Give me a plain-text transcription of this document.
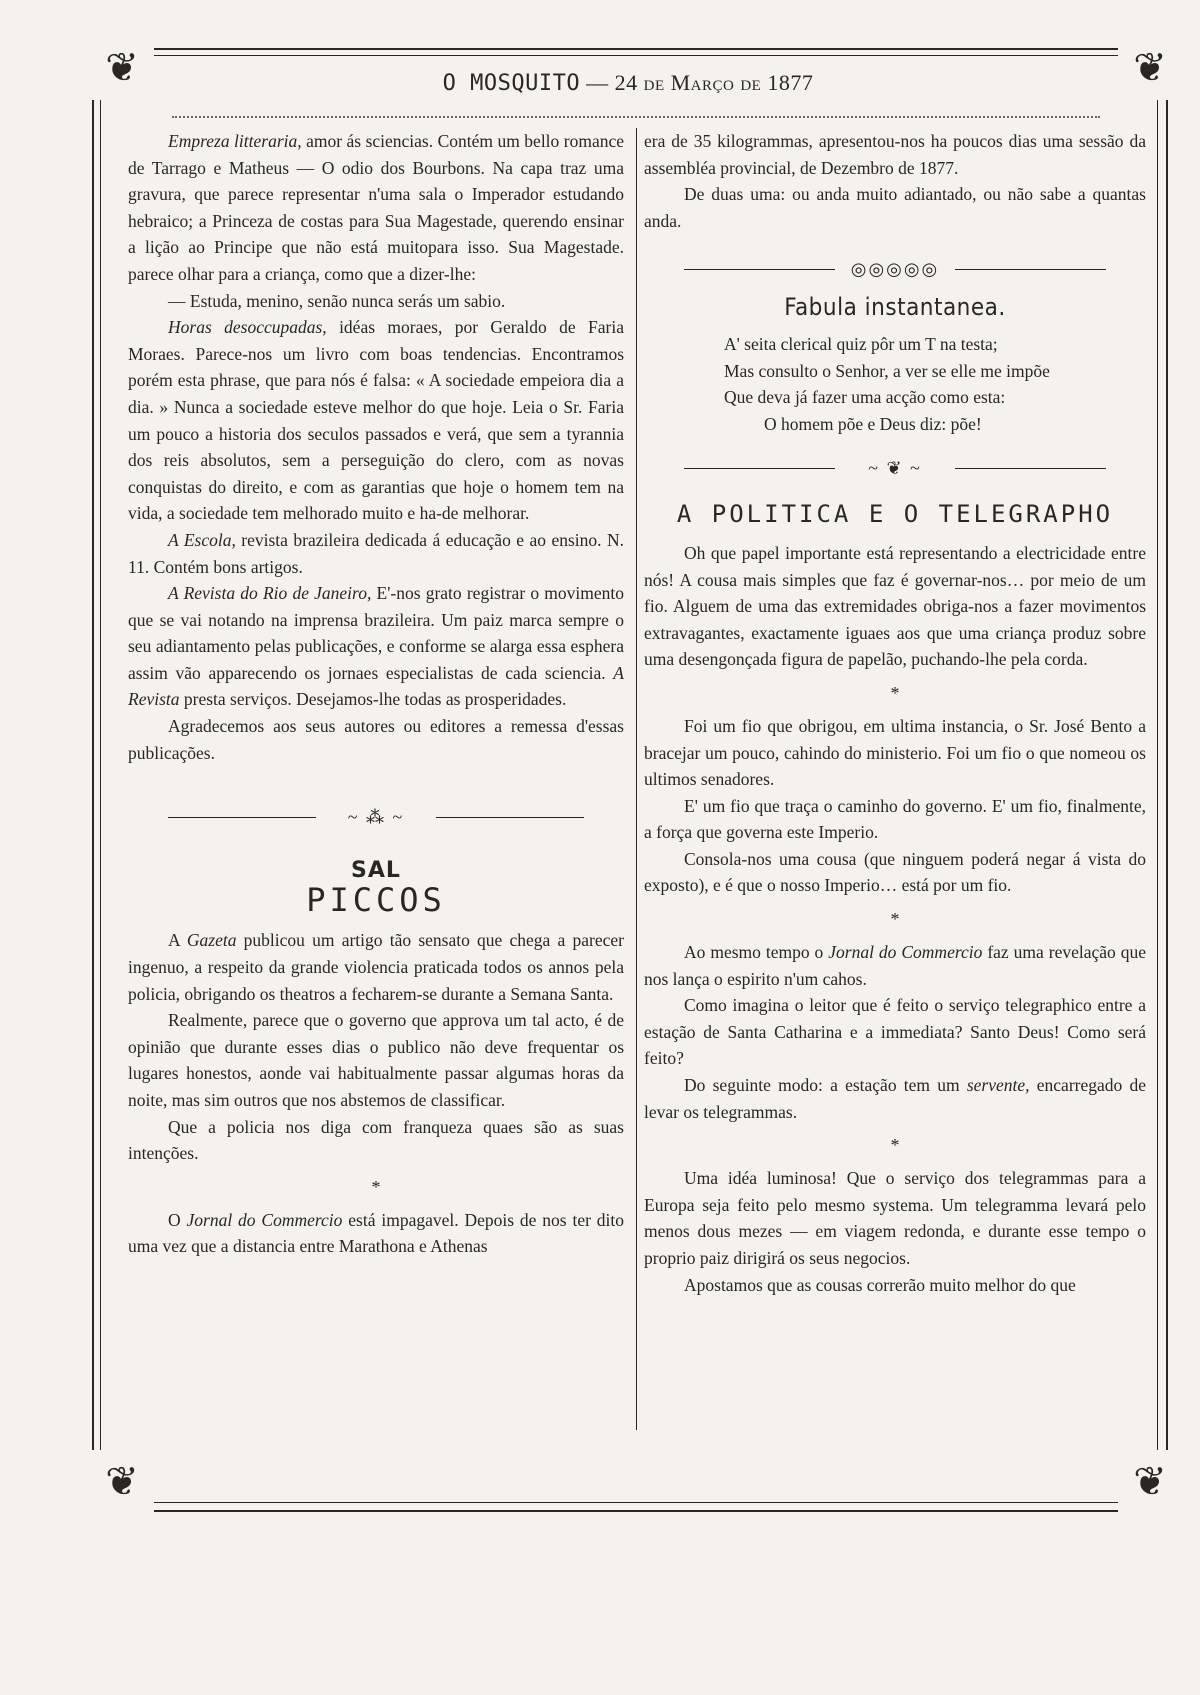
❦	❦
❦	❦
O MOSQUITO — 24 de Março de 1877

Empreza litteraria, amor ás sciencias. Contém um bello romance de Tarrago e Matheus — O odio dos Bourbons. Na capa traz uma gravura, que parece representar n'uma sala o Imperador estudando hebraico; a Princeza de costas para Sua Magestade, querendo ensinar a lição ao Principe que não está muitopara isso. Sua Magestade. parece olhar para a criança, como que a dizer-lhe:

— Estuda, menino, senão nunca serás um sabio.

Horas desoccupadas, idéas moraes, por Geraldo de Faria Moraes. Parece-nos um livro com boas tendencias. Encontramos porém esta phrase, que para nós é falsa: « A sociedade empeiora dia a dia. » Nunca a sociedade esteve melhor do que hoje. Leia o Sr. Faria um pouco a historia dos seculos passados e verá, que sem a tyrannia dos reis absolutos, sem a perseguição do clero, com as novas conquistas do direito, e com as garantias que hoje o homem tem na vida, a sociedade tem melhorado muito e ha-de melhorar.

A Escola, revista brazileira dedicada á educação e ao ensino. N. 11. Contém bons artigos.

A Revista do Rio de Janeiro, E'-nos grato registrar o movimento que se vai notando na imprensa brazileira. Um paiz marca sempre o seu adiantamento pelas publicações, e conforme se alarga essa esphera assim vão apparecendo os jornaes especialistas de cada sciencia. A Revista presta serviços. Desejamos-lhe todas as prosperidades.

Agradecemos aos seus autores ou editores a remessa d'essas publicações.

~ ⁂ ~
SAL
PICCOS

A Gazeta publicou um artigo tão sensato que chega a parecer ingenuo, a respeito da grande violencia praticada todos os annos pela policia, obrigando os theatros a fecharem-se durante a Semana Santa.

Realmente, parece que o governo que approva um tal acto, é de opinião que durante esses dias o publico não deve frequentar os lugares honestos, aonde vai habitualmente passar algumas horas da noite, mas sim outros que nos abstemos de classificar.

Que a policia nos diga com franqueza quaes são as suas intenções.

*

O Jornal do Commercio está impagavel. Depois de nos ter dito uma vez que a distancia entre Marathona e Athenas

era de 35 kilogrammas, apresentou-nos ha poucos dias uma sessão da assembléa provincial, de Dezembro de 1877.

De duas uma: ou anda muito adiantado, ou não sabe a quantas anda.

◎◎◎◎◎
Fabula instantanea.

A' seita clerical quiz pôr um T na testa;

Mas consulto o Senhor, a ver se elle me impõe

Que deva já fazer uma acção como esta:

O homem põe e Deus diz: põe!

~ ❦ ~
A POLITICA E O TELEGRAPHO

Oh que papel importante está representando a electricidade entre nós! A cousa mais simples que faz é governar-nos… por meio de um fio. Alguem de uma das extremidades obriga-nos a fazer movimentos extravagantes, exactamente iguaes aos que uma criança produz sobre uma desengonçada figura de papelão, puchando-lhe pela corda.

*

Foi um fio que obrigou, em ultima instancia, o Sr. José Bento a bracejar um pouco, cahindo do ministerio. Foi um fio o que nomeou os ultimos senadores.

E' um fio que traça o caminho do governo. E' um fio, finalmente, a força que governa este Imperio.

Consola-nos uma cousa (que ninguem poderá negar á vista do exposto), e é que o nosso Imperio… está por um fio.

*

Ao mesmo tempo o Jornal do Commercio faz uma revelação que nos lança o espirito n'um cahos.

Como imagina o leitor que é feito o serviço telegraphico entre a estação de Santa Catharina e a immediata? Santo Deus! Como será feito?

Do seguinte modo: a estação tem um servente, encarregado de levar os telegrammas.

*

Uma idéa luminosa! Que o serviço dos telegrammas para a Europa seja feito pelo mesmo systema. Um telegramma levará pelo menos dous mezes — em viagem redonda, e durante esse tempo o proprio paiz dirigirá os seus negocios.

Apostamos que as cousas correrão muito melhor do que
